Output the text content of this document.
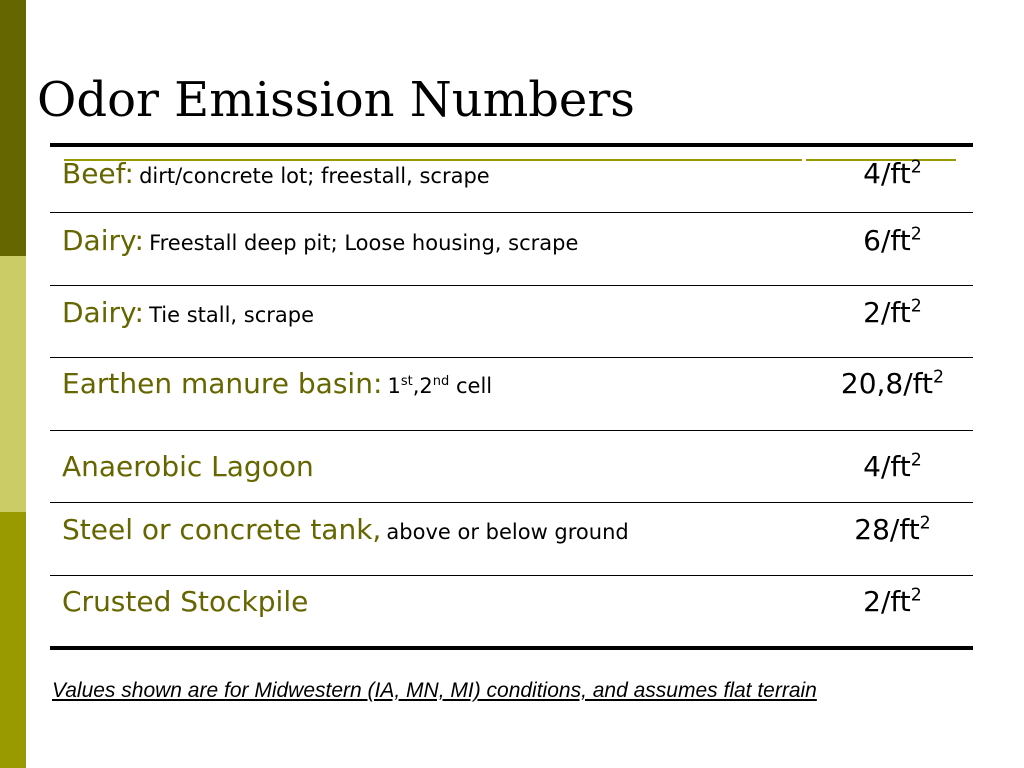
Odor Emission Numbers
Beef: dirt/concrete lot; freestall, scrape	$4/ft^2$
Dairy: Freestall deep pit; Loose housing, scrape	$6/ft^2$
Dairy: Tie stall, scrape	$2/ft^2$
Earthen manure basin: 1st,2nd cell	$20,8/ft^2$
Anaerobic Lagoon	$4/ft^2$
Steel or concrete tank, above or below ground	$28/ft^2$
Crusted Stockpile	$2/ft^2$
Values shown are for Midwestern (IA, MN, MI) conditions, and assumes flat terrain
